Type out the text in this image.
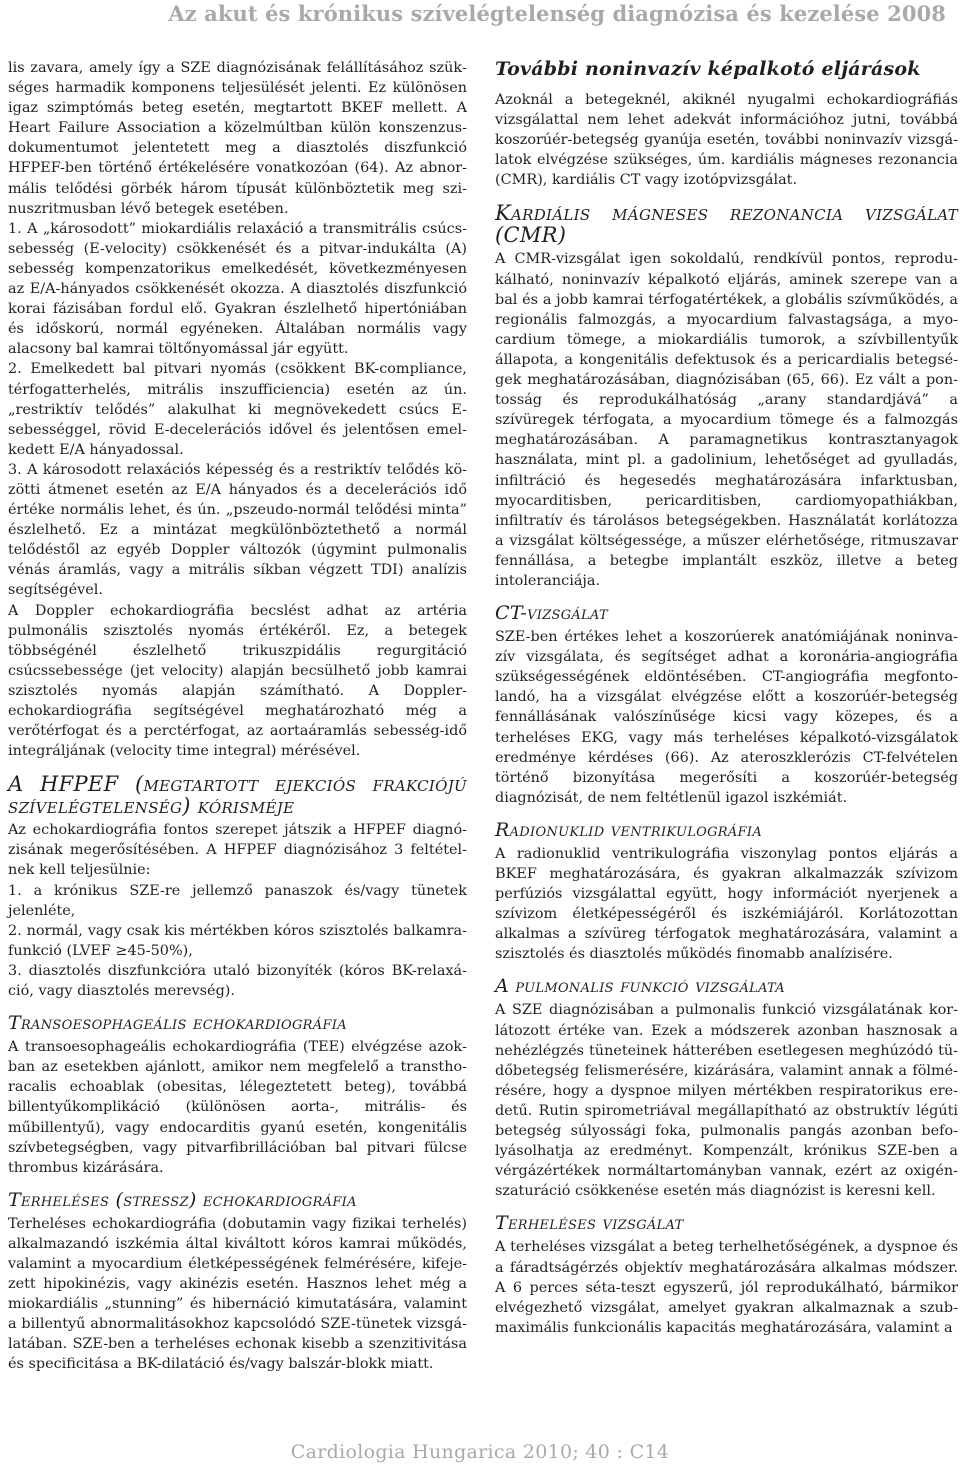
Az akut és krónikus szívelégtelenség diagnózisa és kezelése 2008

lis zavara, amely így a SZE diagnózisának felállításához szükséges harmadik komponens teljesülését jelenti. Ez különösen igaz szimptómás beteg esetén, megtartott BKEF mellett. A Heart Failure Association a közelmúltban külön konszenzusdokumentumot jelentetett meg a diasztolés diszfunkció HFPEF-ben történő értékelésére vonatkozóan (64). Az abnormális telődési görbék három típusát különböztetik meg szinuszritmusban lévő betegek esetében.

1. A „károsodott” miokardiális relaxáció a transmitrális csúcssebesség (E-velocity) csökkenését és a pitvar-indukálta (A) sebesség kompenzatorikus emelkedését, következményesen az E/A-hányados csökkenését okozza. A diasztolés diszfunkció korai fázisában fordul elő. Gyakran észlelhető hipertóniában és időskorú, normál egyéneken. Általában normális vagy alacsony bal kamrai töltőnyomással jár együtt.

2. Emelkedett bal pitvari nyomás (csökkent BK-compliance, térfogatterhelés, mitrális inszufficiencia) esetén az ún. „restriktív telődés” alakulhat ki megnövekedett csúcs E-sebességgel, rövid E-decelerációs idővel és jelentősen emelkedett E/A hányadossal.

3. A károsodott relaxációs képesség és a restriktív telődés közötti átmenet esetén az E/A hányados és a decelerációs idő értéke normális lehet, és ún. „pszeudo-normál telődési minta” észlelhető. Ez a mintázat megkülönböztethető a normál telődéstől az egyéb Doppler változók (úgymint pulmonalis vénás áramlás, vagy a mitrális síkban végzett TDI) analízis segítségével.

A Doppler echokardiográfia becslést adhat az artéria pulmonális szisztolés nyomás értékéről. Ez, a betegek többségénél észlelhető trikuszpidális regurgitáció csúcssebessége (jet velocity) alapján becsülhető jobb kamrai szisztolés nyomás alapján számítható. A Doppler-echokardiográfia segítségével meghatározható még a verőtérfogat és a perctérfogat, az aortaáramlás sebesség-idő integráljának (velocity time integral) mérésével.

A HFPEF (megtartott ejekciós frakciójú szívelégtelenség) kórisméje

Az echokardiográfia fontos szerepet játszik a HFPEF diagnózisának megerősítésében. A HFPEF diagnózisához 3 feltételnek kell teljesülnie:

1. a krónikus SZE-re jellemző panaszok és/vagy tünetek jelenléte,

2. normál, vagy csak kis mértékben kóros szisztolés balkamrafunkció (LVEF ≥45-50%),

3. diasztolés diszfunkcióra utaló bizonyíték (kóros BK-relaxáció, vagy diasztolés merevség).

Transoesophageális echokardiográfia

A transoesophageális echokardiográfia (TEE) elvégzése azokban az esetekben ajánlott, amikor nem megfelelő a transthoracalis echoablak (obesitas, lélegeztetett beteg), továbbá billentyűkomplikáció (különösen aorta-, mitrális- és műbillentyű), vagy endocarditis gyanú esetén, kongenitális szívbetegségben, vagy pitvarfibrillációban bal pitvari fülcse thrombus kizárására.

Terheléses (stressz) echokardiográfia

Terheléses echokardiográfia (dobutamin vagy fizikai terhelés) alkalmazandó iszkémia által kiváltott kóros kamrai működés, valamint a myocardium életképességének felmérésére, kifejezett hipokinézis, vagy akinézis esetén. Hasznos lehet még a miokardiális „stunning” és hibernáció kimutatására, valamint a billentyű abnormalitásokhoz kapcsolódó SZE-tünetek vizsgálatában. SZE-ben a terheléses echonak kisebb a szenzitivitása és specificitása a BK-dilatáció és/vagy balszár-blokk miatt.

További noninvazív képalkotó eljárások

Azoknál a betegeknél, akiknél nyugalmi echokardiográfiás vizsgálattal nem lehet adekvát információhoz jutni, továbbá koszorúér-betegség gyanúja esetén, további noninvazív vizsgálatok elvégzése szükséges, úm. kardiális mágneses rezonancia (CMR), kardiális CT vagy izotópvizsgálat.

Kardiális mágneses rezonancia vizsgálat (CMR)

A CMR-vizsgálat igen sokoldalú, rendkívül pontos, reprodukálható, noninvazív képalkotó eljárás, aminek szerepe van a bal és a jobb kamrai térfogatértékek, a globális szívműködés, a regionális falmozgás, a myocardium falvastagsága, a myocardium tömege, a miokardiális tumorok, a szívbillentyűk állapota, a kongenitális defektusok és a pericardialis betegségek meghatározásában, diagnózisában (65, 66). Ez vált a pontosság és reprodukálhatóság „arany standardjává” a szívüregek térfogata, a myocardium tömege és a falmozgás meghatározásában. A paramagnetikus kontrasztanyagok használata, mint pl. a gadolinium, lehetőséget ad gyulladás, infiltráció és hegesedés meghatározására infarktusban, myocarditisben, pericarditisben, cardiomyopathiákban, infiltratív és tárolásos betegségekben. Használatát korlátozza a vizsgálat költségessége, a műszer elérhetősége, ritmuszavar fennállása, a betegbe implantált eszköz, illetve a beteg intoleranciája.

CT-vizsgálat

SZE-ben értékes lehet a koszorúerek anatómiájának noninvazív vizsgálata, és segítséget adhat a koronária-angiográfia szükségességének eldöntésében. CT-angiográfia megfontolandó, ha a vizsgálat elvégzése előtt a koszorúér-betegség fennállásának valószínűsége kicsi vagy közepes, és a terheléses EKG, vagy más terheléses képalkotó-vizsgálatok eredménye kérdéses (66). Az ateroszklerózis CT-felvételen történő bizonyítása megerősíti a koszorúér-betegség diagnózisát, de nem feltétlenül igazol iszkémiát.

Radionuklid ventrikulográfia

A radionuklid ventrikulográfia viszonylag pontos eljárás a BKEF meghatározására, és gyakran alkalmazzák szívizom perfúziós vizsgálattal együtt, hogy információt nyerjenek a szívizom életképességéről és iszkémiájáról. Korlátozottan alkalmas a szívüreg térfogatok meghatározására, valamint a szisztolés és diasztolés működés finomabb analízisére.

A pulmonalis funkció vizsgálata

A SZE diagnózisában a pulmonalis funkció vizsgálatának korlátozott értéke van. Ezek a módszerek azonban hasznosak a nehézlégzés tüneteinek hátterében esetlegesen meghúzódó tüdőbetegség felismerésére, kizárására, valamint annak a fölmérésére, hogy a dyspnoe milyen mértékben respiratorikus eredetű. Rutin spirometriával megállapítható az obstruktív légúti betegség súlyossági foka, pulmonalis pangás azonban befolyásolhatja az eredményt. Kompenzált, krónikus SZE-ben a vérgázértékek normáltartományban vannak, ezért az oxigénszaturáció csökkenése esetén más diagnózist is keresni kell.

Terheléses vizsgálat

A terheléses vizsgálat a beteg terhelhetőségének, a dyspnoe és a fáradtságérzés objektív meghatározására alkalmas módszer. A 6 perces séta-teszt egyszerű, jól reprodukálható, bármikor elvégezhető vizsgálat, amelyet gyakran alkalmaznak a szubmaximális funkcionális kapacitás meghatározására, valamint a

Cardiologia Hungarica 2010; 40 : C14
